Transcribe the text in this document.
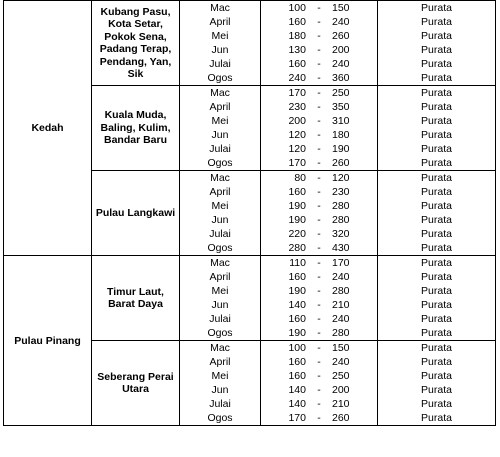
Kedah	Kubang Pasu, Kota Setar, Pokok Sena, Padang Terap, Pendang, Yan, Sik	Mac	100 - 150	Purata
		April	160 - 240	Purata
		Mei	180 - 260	Purata
		Jun	130 - 200	Purata
		Julai	160 - 240	Purata
		Ogos	240 - 360	Purata
	Kuala Muda, Baling, Kulim, Bandar Baru	Mac	170 - 250	Purata
		April	230 - 350	Purata
		Mei	200 - 310	Purata
		Jun	120 - 180	Purata
		Julai	120 - 190	Purata
		Ogos	170 - 260	Purata
	Pulau Langkawi	Mac	80 - 120	Purata
		April	160 - 230	Purata
		Mei	190 - 280	Purata
		Jun	190 - 280	Purata
		Julai	220 - 320	Purata
		Ogos	280 - 430	Purata
Pulau Pinang	Timur Laut, Barat Daya	Mac	110 - 170	Purata
		April	160 - 240	Purata
		Mei	190 - 280	Purata
		Jun	140 - 210	Purata
		Julai	160 - 240	Purata
		Ogos	190 - 280	Purata
	Seberang Perai Utara	Mac	100 - 150	Purata
		April	160 - 240	Purata
		Mei	160 - 250	Purata
		Jun	140 - 200	Purata
		Julai	140 - 210	Purata
		Ogos	170 - 260	Purata
